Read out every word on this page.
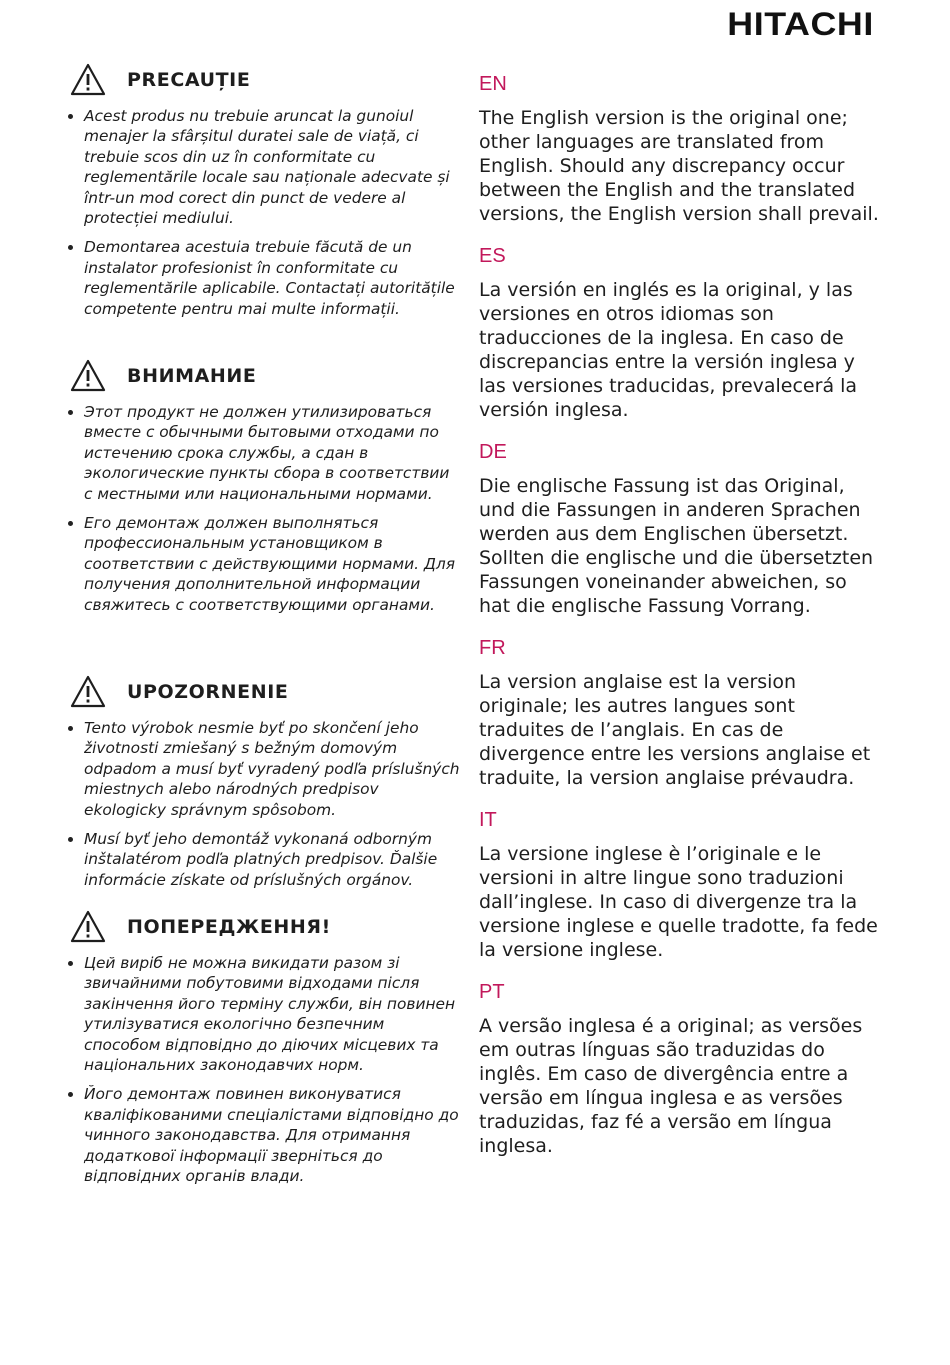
HITACHI
PRECAUȚIE
Acest produs nu trebuie aruncat la gunoiul menajer la sfârșitul duratei sale de viață, ci trebuie scos din uz în conformitate cu reglementările locale sau naționale adecvate și într-un mod corect din punct de vedere al protecției mediului.
Demontarea acestuia trebuie făcută de un instalator profesionist în conformitate cu reglementările aplicabile. Contactați autoritățile competente pentru mai multe informații.
ВНИМАНИЕ
Этот продукт не должен утилизироваться вместе с обычными бытовыми отходами по истечению срока службы, а сдан в экологические пункты сбора в соответствии с местными или национальными нормами.
Его демонтаж должен выполняться профессиональным установщиком в соответствии с действующими нормами. Для получения дополнительной информации свяжитесь с соответствующими органами.
UPOZORNENIE
Tento výrobok nesmie byť po skončení jeho životnosti zmiešaný s bežným domovým odpadom a musí byť vyradený podľa príslušných miestnych alebo národných predpisov ekologicky správnym spôsobom.
Musí byť jeho demontáž vykonaná odborným inštalatérom podľa platných predpisov. Ďalšie informácie získate od príslušných orgánov.
ПОПЕРЕДЖЕННЯ!
Цей виріб не можна викидати разом зі звичайними побутовими відходами після закінчення його терміну служби, він повинен утилізуватися екологічно безпечним способом відповідно до діючих місцевих та національних законодавчих норм.
Його демонтаж повинен виконуватися кваліфікованими спеціалістами відповідно до чинного законодавства. Для отримання додаткової інформації зверніться до відповідних органів влади.
EN

The English version is the original one; other languages are translated from English. Should any discrepancy occur between the English and the translated versions, the English version shall prevail.

ES

La versión en inglés es la original, y las versiones en otros idiomas son traducciones de la inglesa. En caso de discrepancias entre la versión inglesa y las versiones traducidas, prevalecerá la versión inglesa.

DE

Die englische Fassung ist das Original, und die Fassungen in anderen Sprachen werden aus dem Englischen übersetzt. Sollten die englische und die übersetzten Fassungen voneinander abweichen, so hat die englische Fassung Vorrang.

FR

La version anglaise est la version originale; les autres langues sont traduites de l’anglais. En cas de divergence entre les versions anglaise et traduite, la version anglaise prévaudra.

IT

La versione inglese è l’originale e le versioni in altre lingue sono traduzioni dall’inglese. In caso di divergenze tra la versione inglese e quelle tradotte, fa fede la versione inglese.

PT

A versão inglesa é a original; as versões em outras línguas são traduzidas do inglês. Em caso de divergência entre a versão em língua inglesa e as versões traduzidas, faz fé a versão em língua inglesa.
